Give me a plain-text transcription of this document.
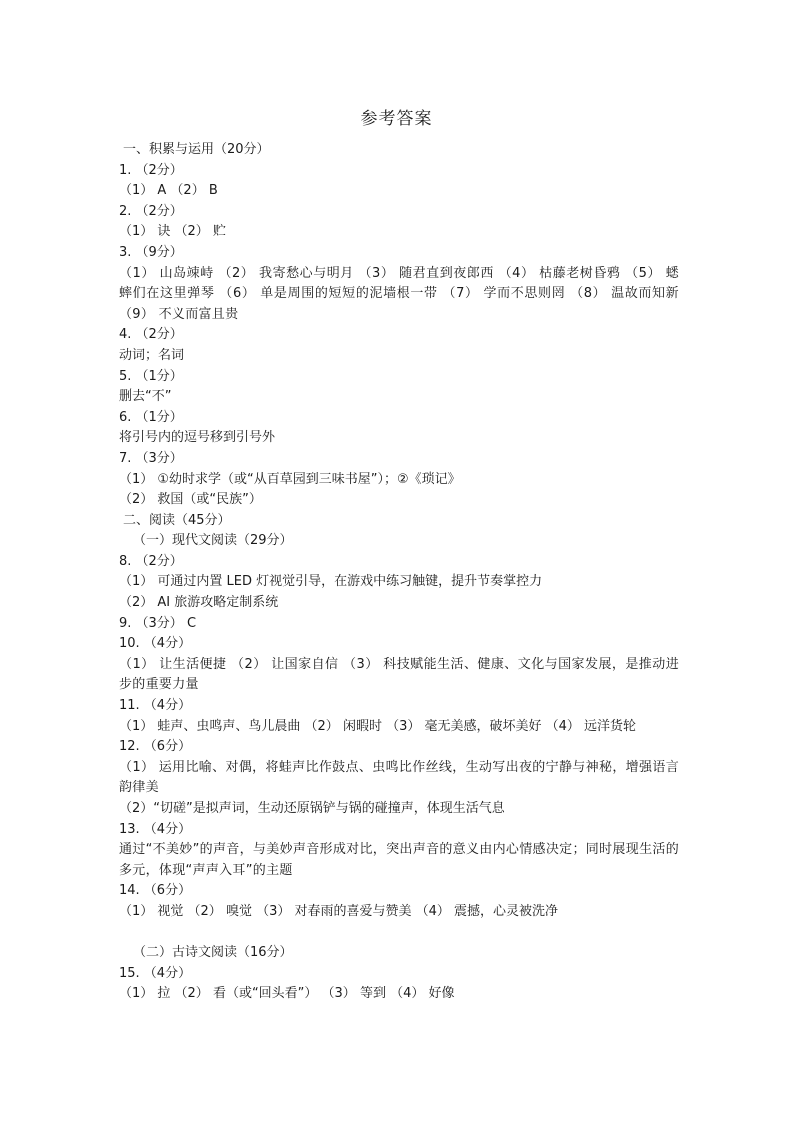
参考答案
一、积累与运用（20分）
1. （2分）
（1） A （2） B
2. （2分）
（1） 诀 （2） 贮
3. （9分）
（1） 山岛竦峙 （2） 我寄愁心与明月 （3） 随君直到夜郎西 （4） 枯藤老树昏鸦 （5） 蟋蟀们在这里弹琴 （6） 单是周围的短短的泥墙根一带 （7） 学而不思则罔 （8） 温故而知新 （9） 不义而富且贵
4. （2分）
动词；名词
5. （1分）
删去“不”
6. （1分）
将引号内的逗号移到引号外
7. （3分）
（1） ①幼时求学（或“从百草园到三味书屋”）；②《琐记》
（2） 救国（或“民族”）
二、阅读（45分）
（一）现代文阅读（29分）
8. （2分）
（1） 可通过内置 LED 灯视觉引导，在游戏中练习触键，提升节奏掌控力
（2） AI 旅游攻略定制系统
9. （3分） C
10. （4分）
（1） 让生活便捷 （2） 让国家自信 （3） 科技赋能生活、健康、文化与国家发展，是推动进步的重要力量
11. （4分）
（1） 蛙声、虫鸣声、鸟儿晨曲 （2） 闲暇时 （3） 毫无美感，破坏美好 （4） 远洋货轮
12. （6分）
（1） 运用比喻、对偶，将蛙声比作鼓点、虫鸣比作丝线，生动写出夜的宁静与神秘，增强语言韵律美
（2）“切磋”是拟声词，生动还原锅铲与锅的碰撞声，体现生活气息
13. （4分）
通过“不美妙”的声音，与美妙声音形成对比，突出声音的意义由内心情感决定；同时展现生活的多元，体现“声声入耳”的主题
14. （6分）
（1） 视觉 （2） 嗅觉 （3） 对春雨的喜爱与赞美 （4） 震撼，心灵被洗净
（二）古诗文阅读（16分）
15. （4分）
（1） 拉 （2） 看（或“回头看”） （3） 等到 （4） 好像
